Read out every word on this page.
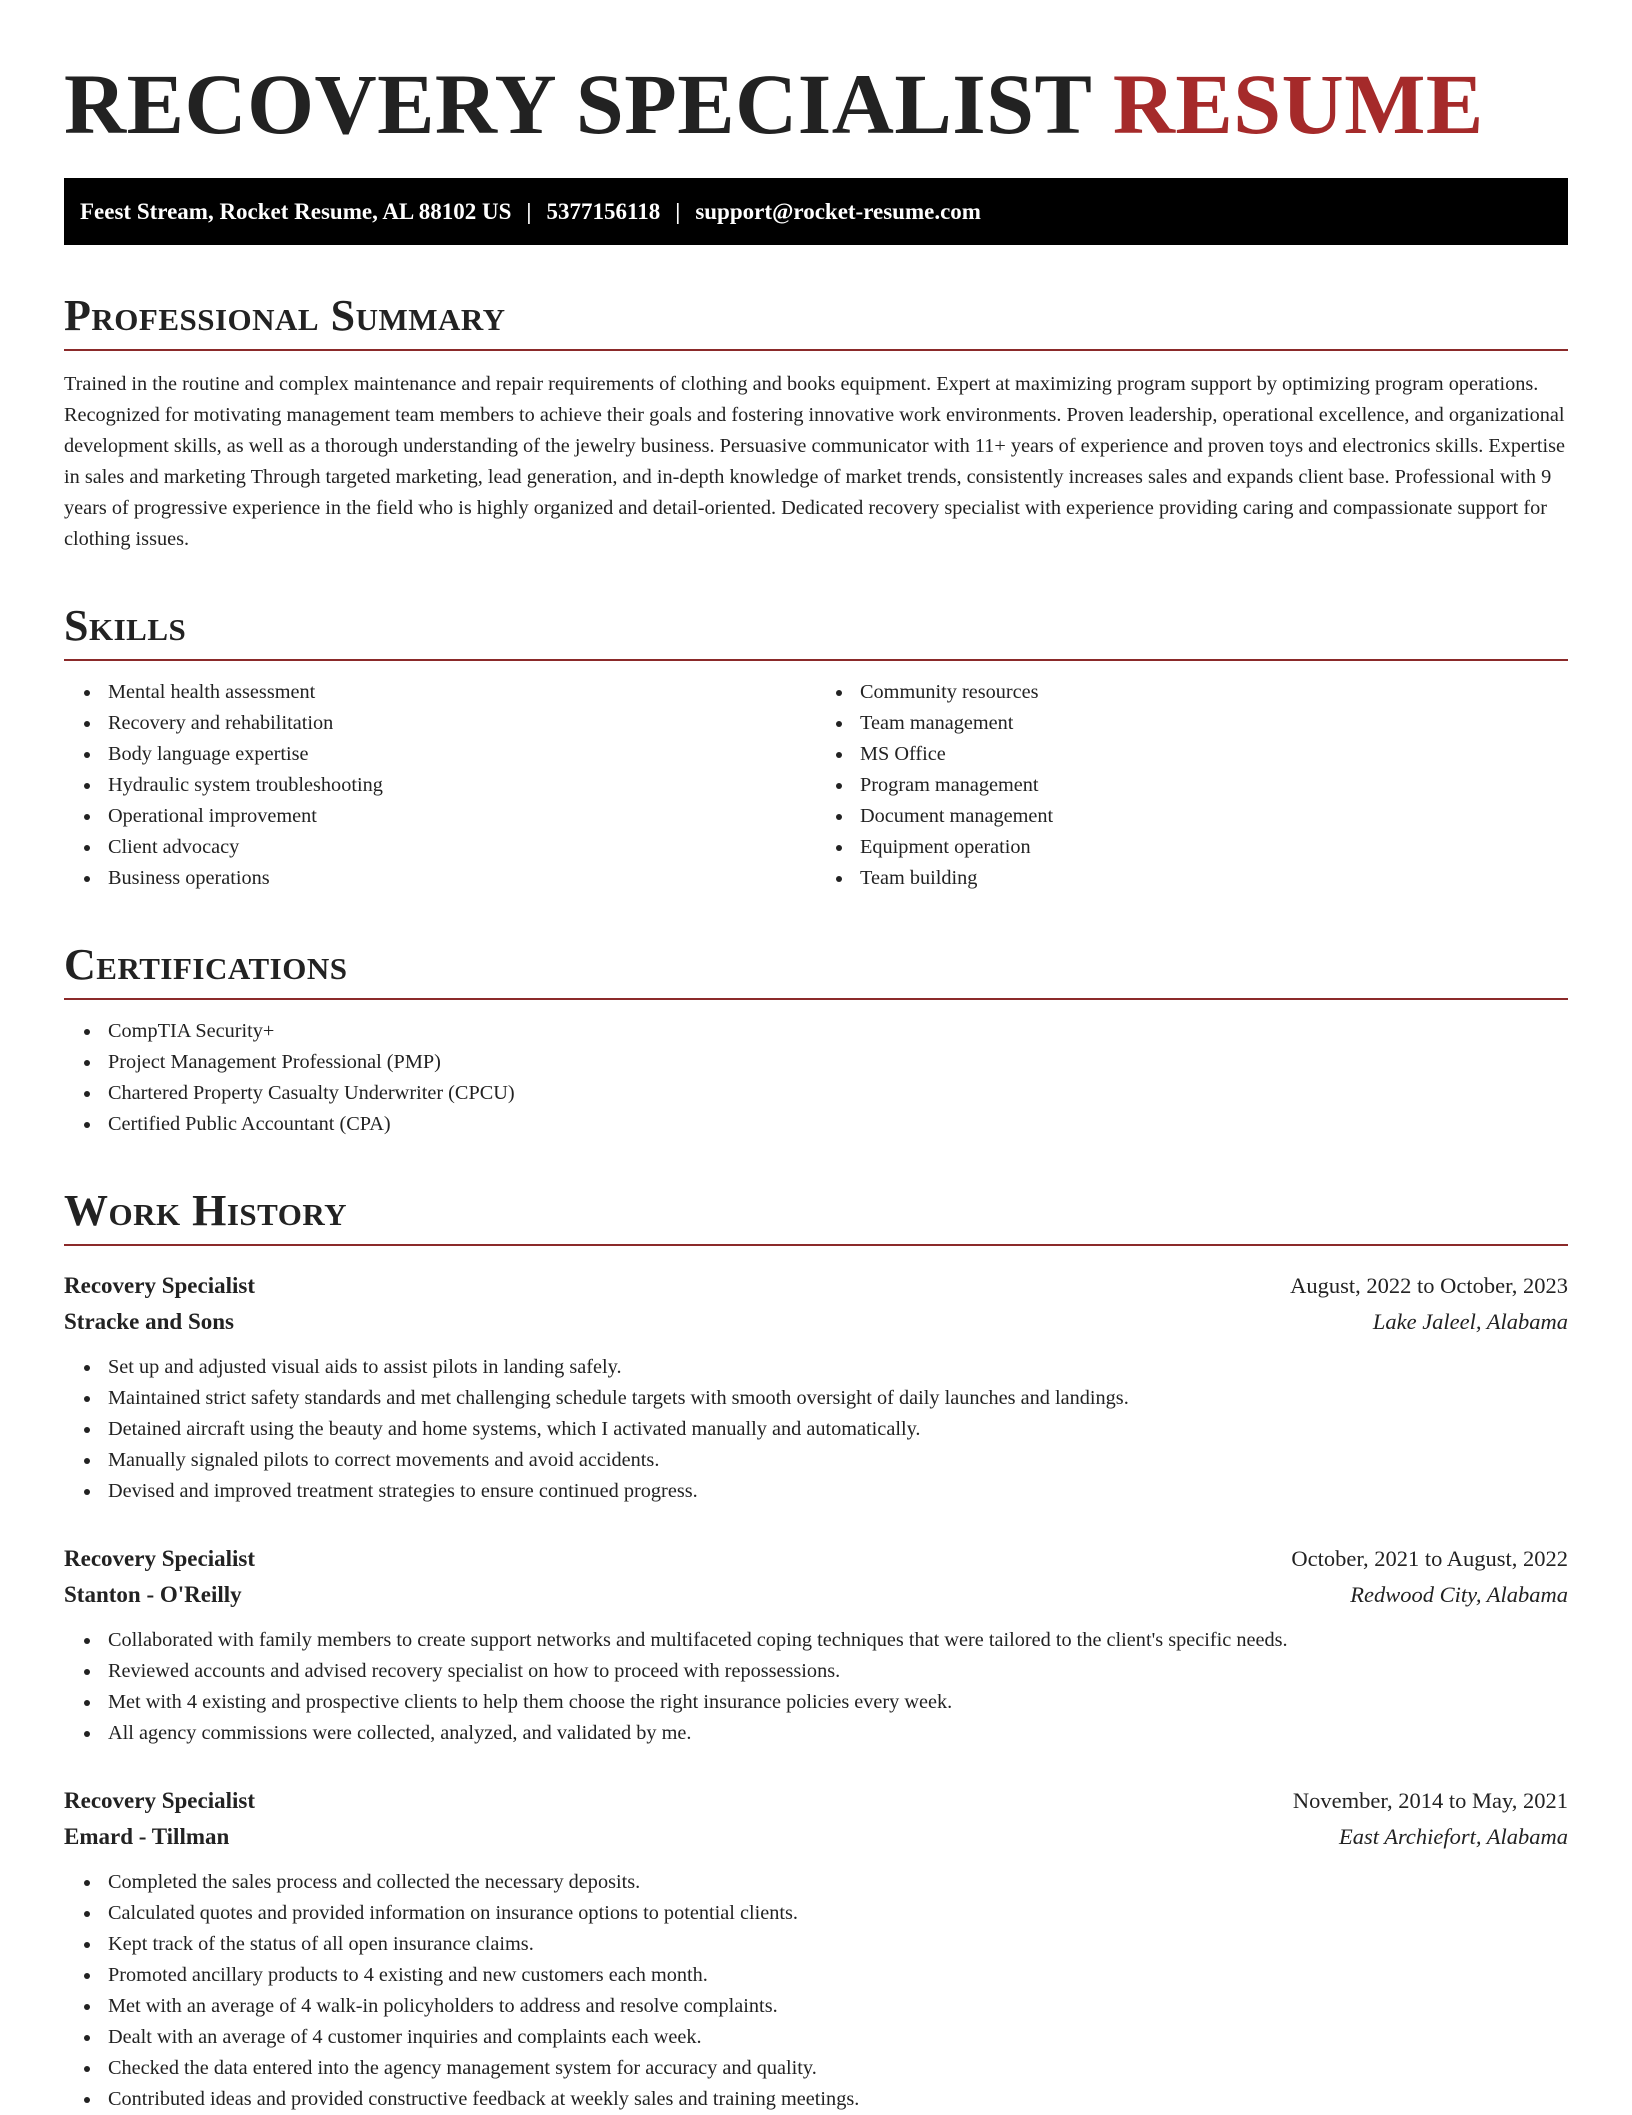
RECOVERY SPECIALIST RESUME
Feest Stream, Rocket Resume, AL 88102 US | 5377156118 | support@rocket-resume.com
Professional Summary

Trained in the routine and complex maintenance and repair requirements of clothing and books equipment. Expert at maximizing program support by optimizing program operations. Recognized for motivating management team members to achieve their goals and fostering innovative work environments. Proven leadership, operational excellence, and organizational development skills, as well as a thorough understanding of the jewelry business. Persuasive communicator with 11+ years of experience and proven toys and electronics skills. Expertise in sales and marketing Through targeted marketing, lead generation, and in-depth knowledge of market trends, consistently increases sales and expands client base. Professional with 9 years of progressive experience in the field who is highly organized and detail-oriented. Dedicated recovery specialist with experience providing caring and compassionate support for clothing issues.

Skills
Mental health assessment
Recovery and rehabilitation
Body language expertise
Hydraulic system troubleshooting
Operational improvement
Client advocacy
Business operations
Community resources
Team management
MS Office
Program management
Document management
Equipment operation
Team building
Certifications
CompTIA Security+
Project Management Professional (PMP)
Chartered Property Casualty Underwriter (CPCU)
Certified Public Accountant (CPA)
Work History
Recovery Specialist	August, 2022 to October, 2023
Stracke and Sons	Lake Jaleel, Alabama
Set up and adjusted visual aids to assist pilots in landing safely.
Maintained strict safety standards and met challenging schedule targets with smooth oversight of daily launches and landings.
Detained aircraft using the beauty and home systems, which I activated manually and automatically.
Manually signaled pilots to correct movements and avoid accidents.
Devised and improved treatment strategies to ensure continued progress.
Recovery Specialist	October, 2021 to August, 2022
Stanton - O'Reilly	Redwood City, Alabama
Collaborated with family members to create support networks and multifaceted coping techniques that were tailored to the client's specific needs.
Reviewed accounts and advised recovery specialist on how to proceed with repossessions.
Met with 4 existing and prospective clients to help them choose the right insurance policies every week.
All agency commissions were collected, analyzed, and validated by me.
Recovery Specialist	November, 2014 to May, 2021
Emard - Tillman	East Archiefort, Alabama
Completed the sales process and collected the necessary deposits.
Calculated quotes and provided information on insurance options to potential clients.
Kept track of the status of all open insurance claims.
Promoted ancillary products to 4 existing and new customers each month.
Met with an average of 4 walk-in policyholders to address and resolve complaints.
Dealt with an average of 4 customer inquiries and complaints each week.
Checked the data entered into the agency management system for accuracy and quality.
Contributed ideas and provided constructive feedback at weekly sales and training meetings.
